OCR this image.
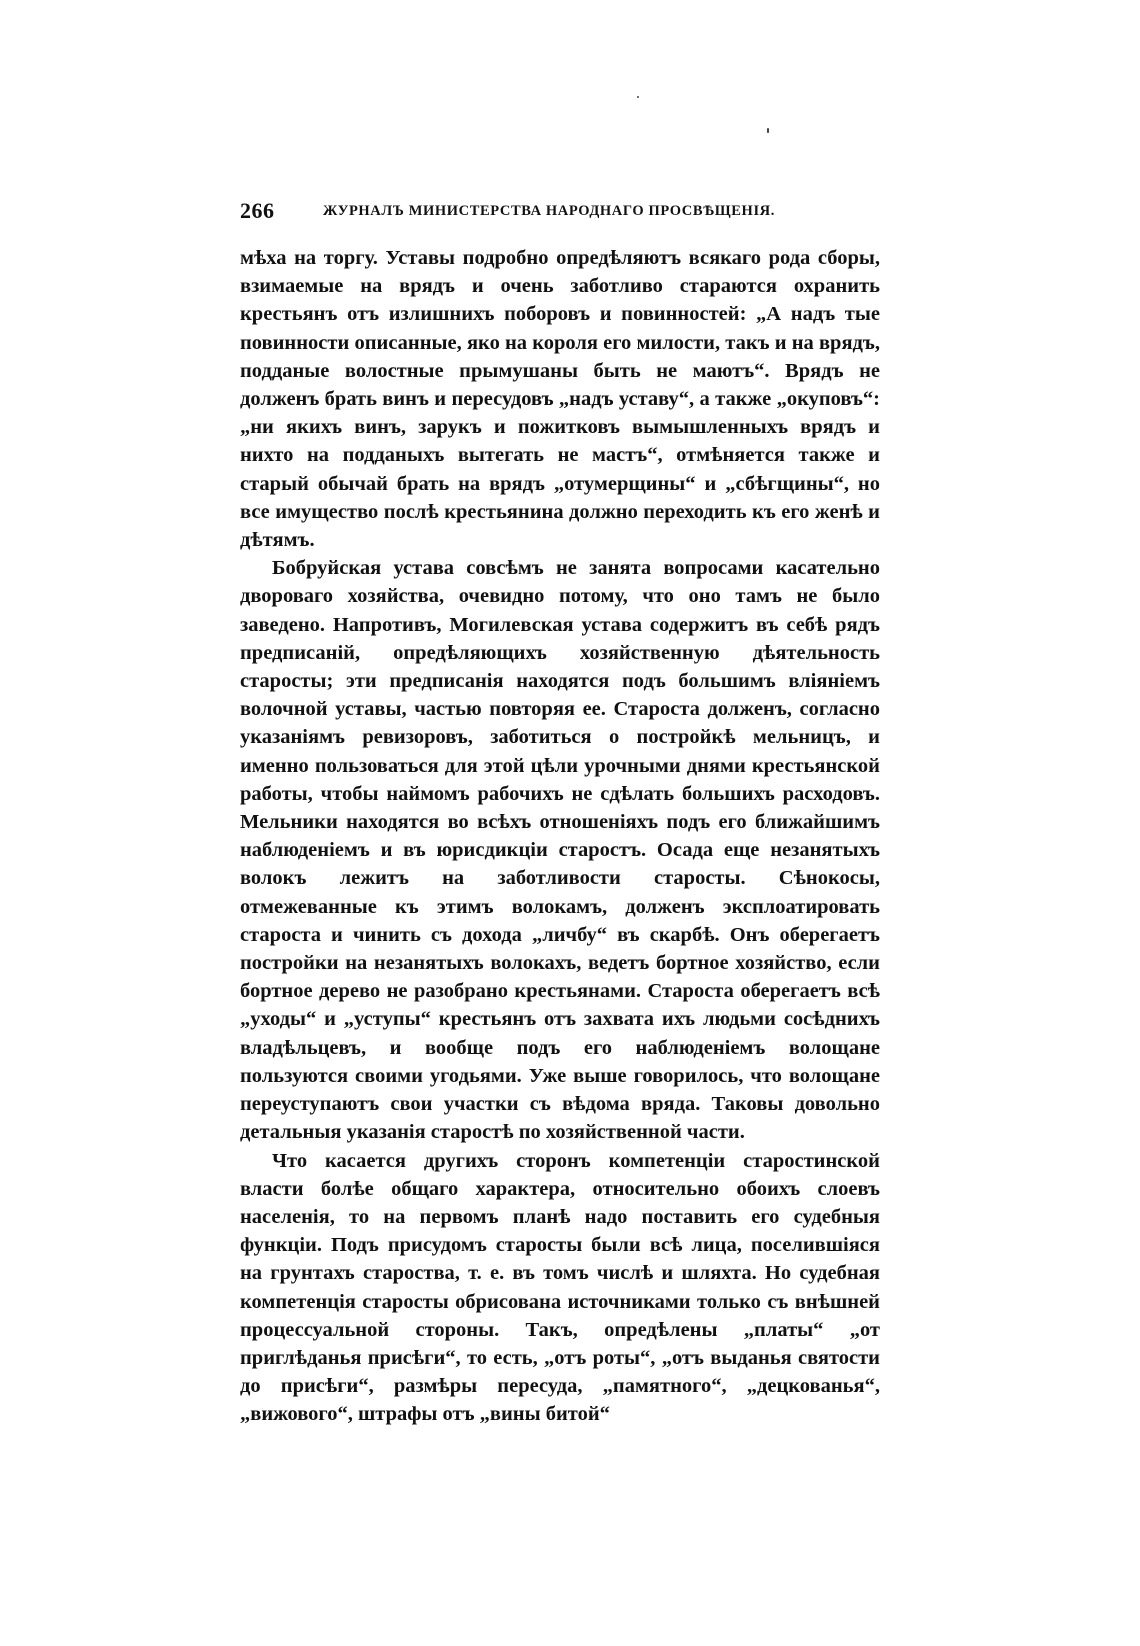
266	ЖУРНАЛЪ МИНИСТЕРСТВА НАРОДНАГО ПРОСВѢЩЕНІЯ.

мѣха на торгу. Уставы подробно опредѣляютъ всякаго рода сборы, взимаемые на врядъ и очень заботливо стараются охранить крестьянъ отъ излишнихъ поборовъ и повинностей: „А надъ тые повинности описанные, яко на короля его милости, такъ и на врядъ, подданые волостные прымушаны быть не маютъ“. Врядъ не долженъ брать винъ и пересудовъ „надъ уставу“, а также „окуповъ“: „ни якихъ винъ, зарукъ и пожитковъ вымышленныхъ врядъ и нихто на подданыхъ вытегать не мастъ“, отмѣняется также и старый обычай брать на врядъ „отумерщины“ и „сбѣгщины“, но все имущество послѣ крестьянина должно переходить къ его женѣ и дѣтямъ.

Бобруйская устава совсѣмъ не занята вопросами касательно двороваго хозяйства, очевидно потому, что оно тамъ не было заведено. Напротивъ, Могилевская устава содержитъ въ себѣ рядъ предписаній, опредѣляющихъ хозяйственную дѣятельность старосты; эти предписанія находятся подъ большимъ вліяніемъ волочной уставы, частью повторяя ее. Староста долженъ, согласно указаніямъ ревизоровъ, заботиться о постройкѣ мельницъ, и именно пользоваться для этой цѣли урочными днями крестьянской работы, чтобы наймомъ рабочихъ не сдѣлать большихъ расходовъ. Мельники находятся во всѣхъ отношеніяхъ подъ его ближайшимъ наблюденіемъ и въ юрисдикціи старостъ. Осада еще незанятыхъ волокъ лежитъ на заботливости старосты. Сѣнокосы, отмежеванные къ этимъ волокамъ, долженъ эксплоатировать староста и чинить съ дохода „личбу“ въ скарбѣ. Онъ оберегаетъ постройки на незанятыхъ волокахъ, ведетъ бортное хозяйство, если бортное дерево не разобрано крестьянами. Староста оберегаетъ всѣ „уходы“ и „уступы“ крестьянъ отъ захвата ихъ людьми сосѣднихъ владѣльцевъ, и вообще подъ его наблюденіемъ волощане пользуются своими угодьями. Уже выше говорилось, что волощане переуступаютъ свои участки съ вѣдома вряда. Таковы довольно детальныя указанія старостѣ по хозяйственной части.

Что касается другихъ сторонъ компетенціи старостинской власти болѣе общаго характера, относительно обоихъ слоевъ населенія, то на первомъ планѣ надо поставить его судебныя функціи. Подъ присудомъ старосты были всѣ лица, поселившіяся на грунтахъ староства, т. е. въ томъ числѣ и шляхта. Но судебная компетенція старосты обрисована источниками только съ внѣшней процессуальной стороны. Такъ, опредѣлены „платы“ „от приглѣданья присѣги“, то есть, „отъ роты“, „отъ выданья святости до присѣги“, размѣры пересуда, „памятного“, „децкованья“, „вижового“, штрафы отъ „вины битой“
